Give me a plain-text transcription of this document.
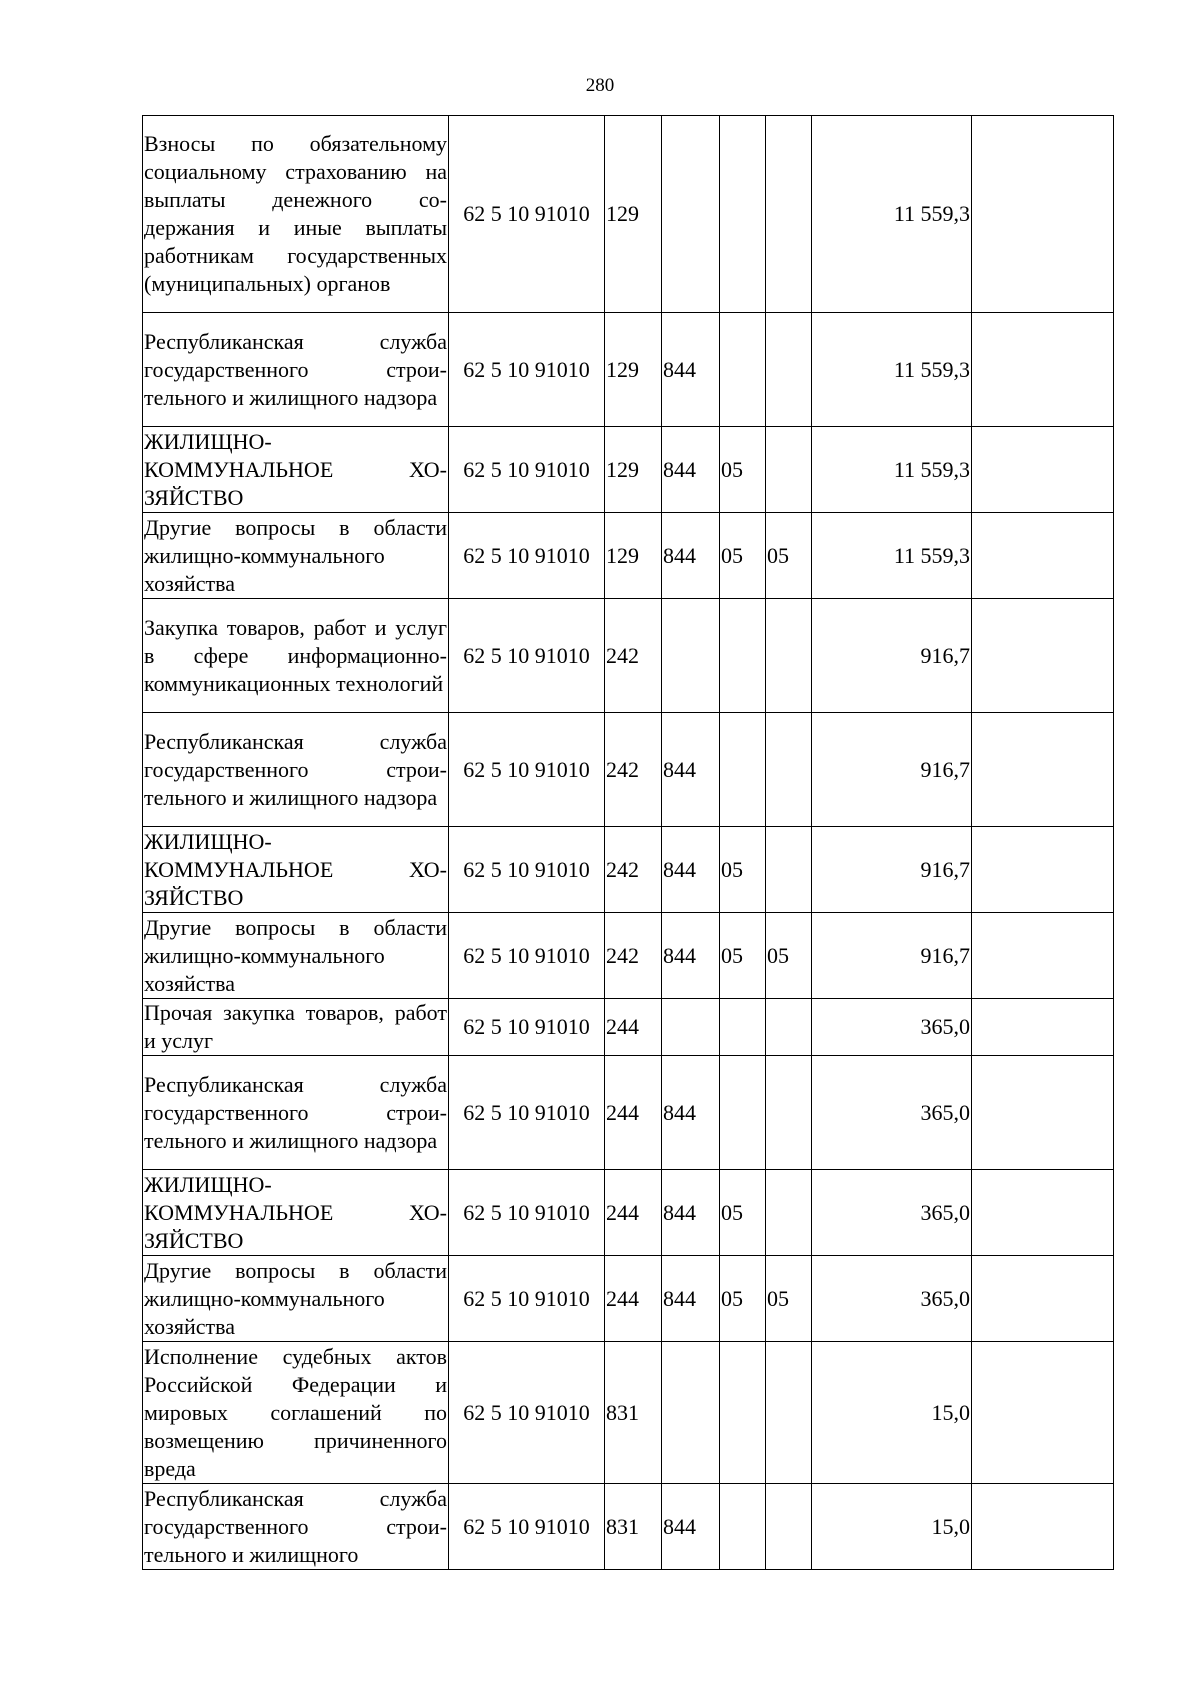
280
Взносы по обязательному социальному страхованию на выплаты денежного содержания и иные выплаты работникам государственных (муниципальных) органов	62 5 10 91010	129				11 559,3	
Республиканская служба государственного строительного и жилищного надзора	62 5 10 91010	129	844			11 559,3	
ЖИЛИЩНО-КОММУНАЛЬНОЕ ХОЗЯЙСТВО	62 5 10 91010	129	844	05		11 559,3	
Другие вопросы в области жилищно-коммунального хозяйства	62 5 10 91010	129	844	05	05	11 559,3	
Закупка товаров, работ и услуг в сфере информационно-коммуникационных технологий	62 5 10 91010	242				916,7	
Республиканская служба государственного строительного и жилищного надзора	62 5 10 91010	242	844			916,7	
ЖИЛИЩНО-КОММУНАЛЬНОЕ ХОЗЯЙСТВО	62 5 10 91010	242	844	05		916,7	
Другие вопросы в области жилищно-коммунального хозяйства	62 5 10 91010	242	844	05	05	916,7	
Прочая закупка товаров, работ и услуг	62 5 10 91010	244				365,0	
Республиканская служба государственного строительного и жилищного надзора	62 5 10 91010	244	844			365,0	
ЖИЛИЩНО-КОММУНАЛЬНОЕ ХОЗЯЙСТВО	62 5 10 91010	244	844	05		365,0	
Другие вопросы в области жилищно-коммунального хозяйства	62 5 10 91010	244	844	05	05	365,0	
Исполнение судебных актов Российской Федерации и мировых соглашений по возмещению причиненного вреда	62 5 10 91010	831				15,0	
Республиканская служба государственного строительного и жилищного	62 5 10 91010	831	844			15,0	
